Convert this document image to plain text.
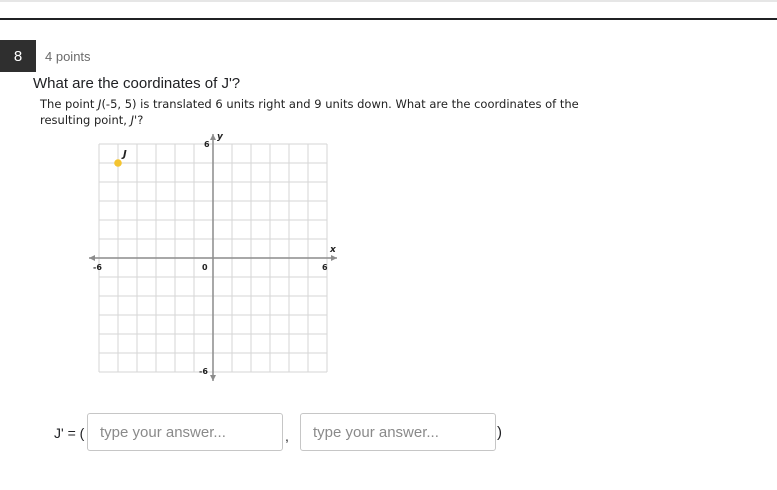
8	4 points
What are the coordinates of J'?
The point J(-5, 5) is translated 6 units right and 9 units down. What are the coordinates of the resulting point, J'?
x
y
-6	6
0
6
-6
J
J' = (
type your answer...	,
type your answer...	)
